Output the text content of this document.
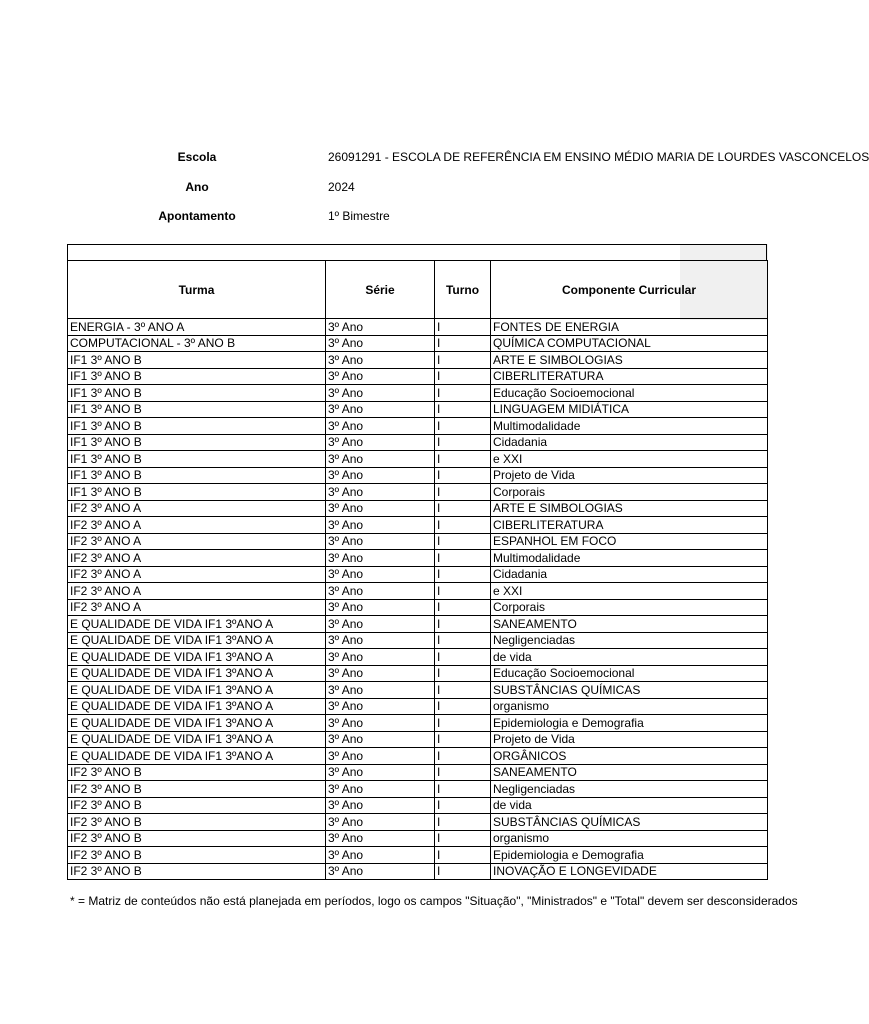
Escola	26091291 - ESCOLA DE REFERÊNCIA EM ENSINO MÉDIO MARIA DE LOURDES VASCONCELOS
Ano	2024
Apontamento	1º Bimestre
Turma	Série	Turno	Componente Curricular
ENERGIA - 3º ANO A	3º Ano	I	FONTES DE ENERGIA
COMPUTACIONAL - 3º ANO B	3º Ano	I	QUÍMICA COMPUTACIONAL
IF1 3º ANO B	3º Ano	I	ARTE E SIMBOLOGIAS
IF1 3º ANO B	3º Ano	I	CIBERLITERATURA
IF1 3º ANO B	3º Ano	I	Educação Socioemocional
IF1 3º ANO B	3º Ano	I	LINGUAGEM MIDIÁTICA
IF1 3º ANO B	3º Ano	I	Multimodalidade
IF1 3º ANO B	3º Ano	I	Cidadania
IF1 3º ANO B	3º Ano	I	e XXI
IF1 3º ANO B	3º Ano	I	Projeto de Vida
IF1 3º ANO B	3º Ano	I	Corporais
IF2 3º ANO A	3º Ano	I	ARTE E SIMBOLOGIAS
IF2 3º ANO A	3º Ano	I	CIBERLITERATURA
IF2 3º ANO A	3º Ano	I	ESPANHOL EM FOCO
IF2 3º ANO A	3º Ano	I	Multimodalidade
IF2 3º ANO A	3º Ano	I	Cidadania
IF2 3º ANO A	3º Ano	I	e XXI
IF2 3º ANO A	3º Ano	I	Corporais
E QUALIDADE DE VIDA IF1 3ºANO A	3º Ano	I	SANEAMENTO
E QUALIDADE DE VIDA IF1 3ºANO A	3º Ano	I	Negligenciadas
E QUALIDADE DE VIDA IF1 3ºANO A	3º Ano	I	de vida
E QUALIDADE DE VIDA IF1 3ºANO A	3º Ano	I	Educação Socioemocional
E QUALIDADE DE VIDA IF1 3ºANO A	3º Ano	I	SUBSTÂNCIAS QUÍMICAS
E QUALIDADE DE VIDA IF1 3ºANO A	3º Ano	I	organismo
E QUALIDADE DE VIDA IF1 3ºANO A	3º Ano	I	Epidemiologia e Demografia
E QUALIDADE DE VIDA IF1 3ºANO A	3º Ano	I	Projeto de Vida
E QUALIDADE DE VIDA IF1 3ºANO A	3º Ano	I	ORGÂNICOS
IF2 3º ANO B	3º Ano	I	SANEAMENTO
IF2 3º ANO B	3º Ano	I	Negligenciadas
IF2 3º ANO B	3º Ano	I	de vida
IF2 3º ANO B	3º Ano	I	SUBSTÂNCIAS QUÍMICAS
IF2 3º ANO B	3º Ano	I	organismo
IF2 3º ANO B	3º Ano	I	Epidemiologia e Demografia
IF2 3º ANO B	3º Ano	I	INOVAÇÃO E LONGEVIDADE
* = Matriz de conteúdos não está planejada em períodos, logo os campos "Situação", "Ministrados" e "Total" devem ser desconsiderados
